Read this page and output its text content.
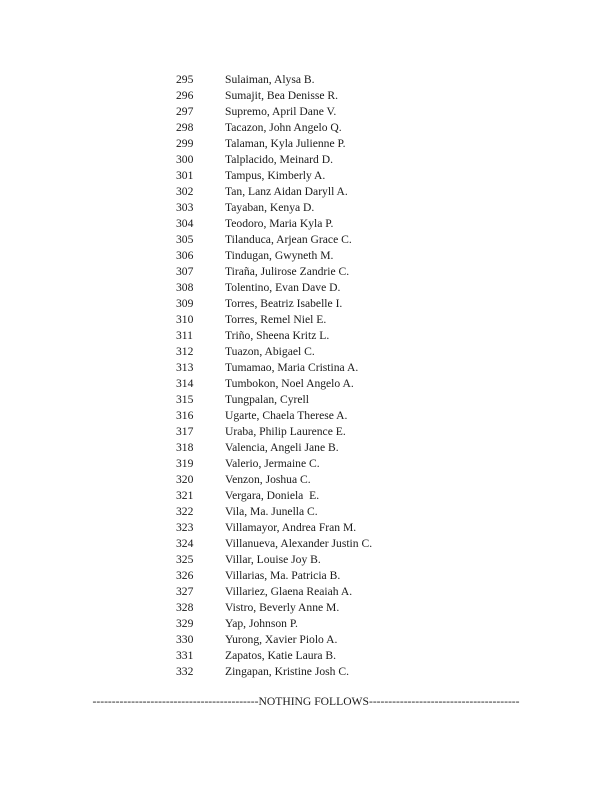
295	Sulaiman, Alysa B.
296	Sumajit, Bea Denisse R.
297	Supremo, April Dane V.
298	Tacazon, John Angelo Q.
299	Talaman, Kyla Julienne P.
300	Talplacido, Meinard D.
301	Tampus, Kimberly A.
302	Tan, Lanz Aidan Daryll A.
303	Tayaban, Kenya D.
304	Teodoro, Maria Kyla P.
305	Tilanduca, Arjean Grace C.
306	Tindugan, Gwyneth M.
307	Tiraña, Julirose Zandrie C.
308	Tolentino, Evan Dave D.
309	Torres, Beatriz Isabelle I.
310	Torres, Remel Niel E.
311	Triño, Sheena Kritz L.
312	Tuazon, Abigael C.
313	Tumamao, Maria Cristina A.
314	Tumbokon, Noel Angelo A.
315	Tungpalan, Cyrell
316	Ugarte, Chaela Therese A.
317	Uraba, Philip Laurence E.
318	Valencia, Angeli Jane B.
319	Valerio, Jermaine C.
320	Venzon, Joshua C.
321	Vergara, Doniela  E.
322	Vila, Ma. Junella C.
323	Villamayor, Andrea Fran M.
324	Villanueva, Alexander Justin C.
325	Villar, Louise Joy B.
326	Villarias, Ma. Patricia B.
327	Villariez, Glaena Reaiah A.
328	Vistro, Beverly Anne M.
329	Yap, Johnson P.
330	Yurong, Xavier Piolo A.
331	Zapatos, Katie Laura B.
332	Zingapan, Kristine Josh C.
------------------------------------------- NOTHING FOLLOWS ---------------------------------------
